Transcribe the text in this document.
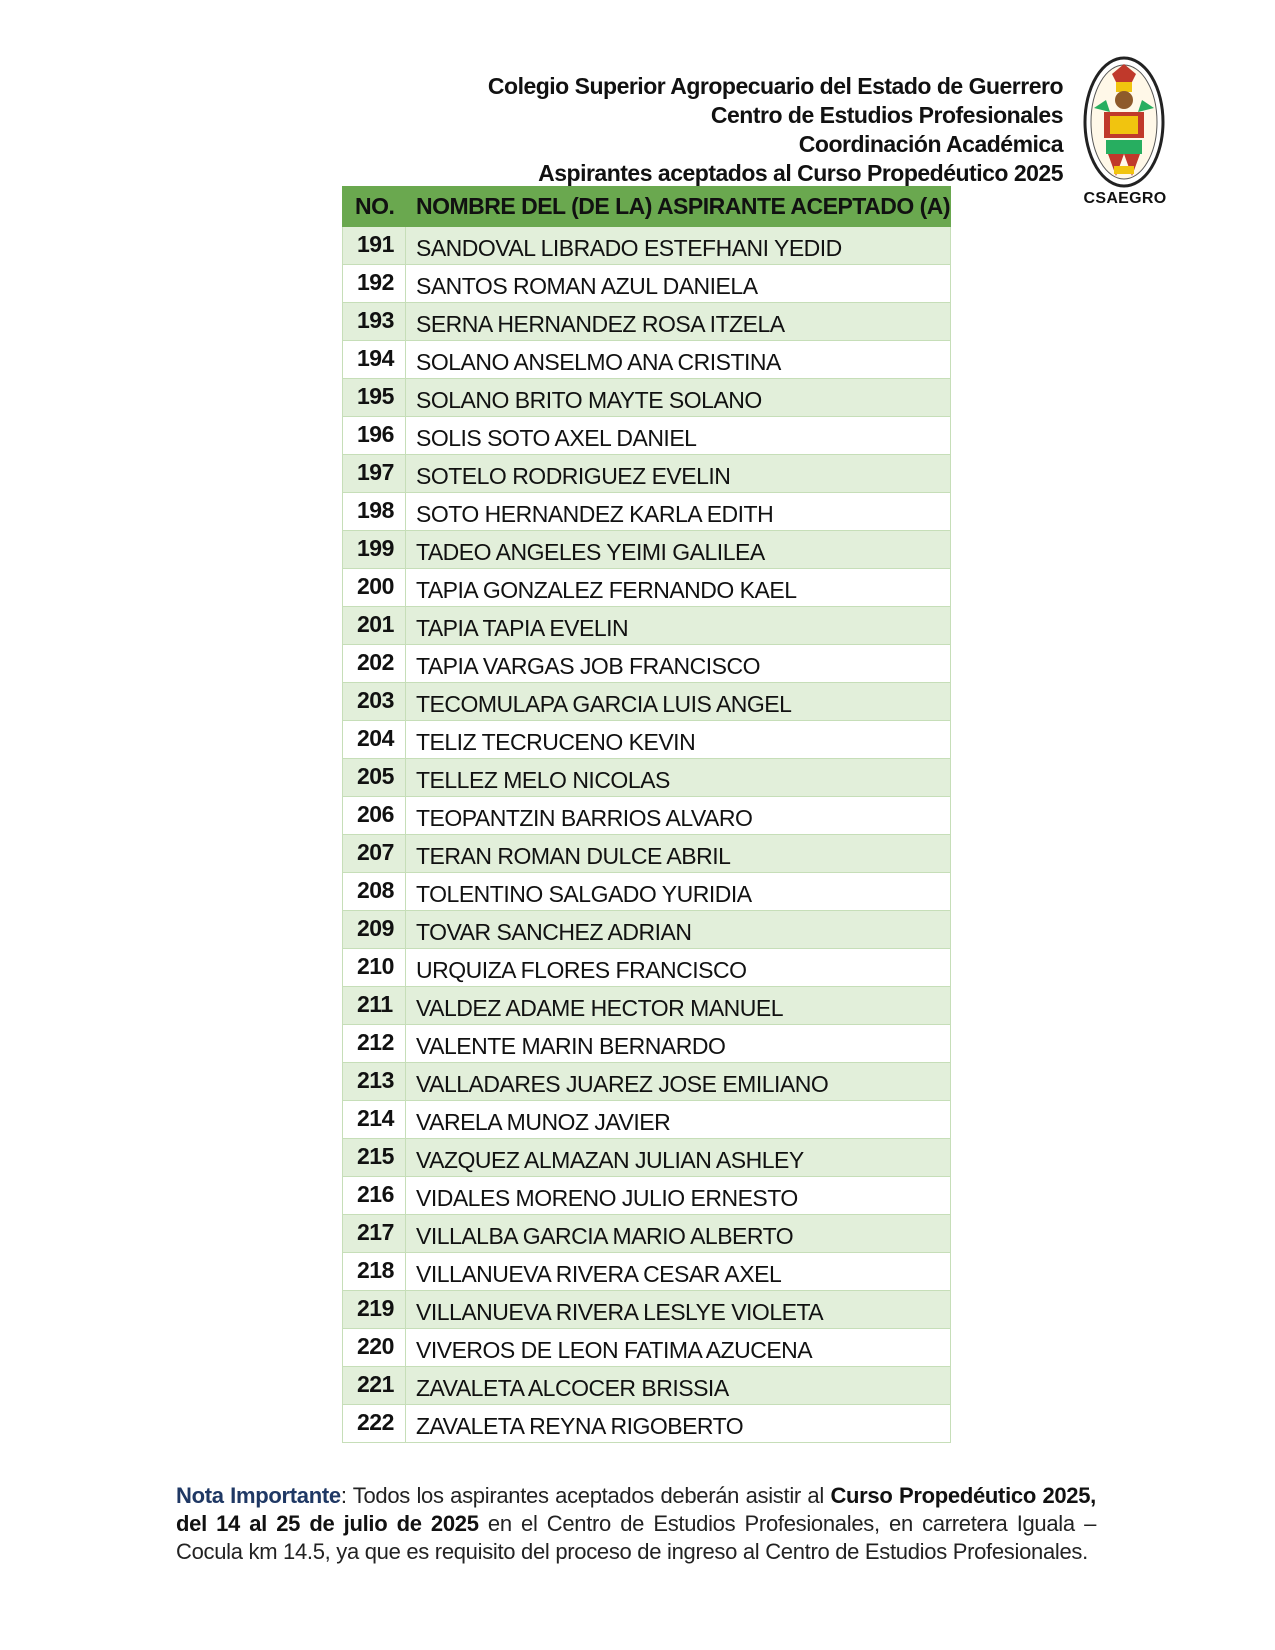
Colegio Superior Agropecuario del Estado de Guerrero
Centro de Estudios Profesionales
Coordinación Académica
Aspirantes aceptados al Curso Propedéutico 2025
CSAEGRO
NO.	NOMBRE DEL (DE LA) ASPIRANTE ACEPTADO (A)
191	SANDOVAL LIBRADO ESTEFHANI YEDID
192	SANTOS ROMAN AZUL DANIELA
193	SERNA HERNANDEZ ROSA ITZELA
194	SOLANO ANSELMO ANA CRISTINA
195	SOLANO BRITO MAYTE SOLANO
196	SOLIS SOTO AXEL DANIEL
197	SOTELO RODRIGUEZ EVELIN
198	SOTO HERNANDEZ KARLA EDITH
199	TADEO ANGELES YEIMI GALILEA
200	TAPIA GONZALEZ FERNANDO KAEL
201	TAPIA TAPIA EVELIN
202	TAPIA VARGAS JOB FRANCISCO
203	TECOMULAPA GARCIA LUIS ANGEL
204	TELIZ TECRUCENO KEVIN
205	TELLEZ MELO NICOLAS
206	TEOPANTZIN BARRIOS ALVARO
207	TERAN ROMAN DULCE ABRIL
208	TOLENTINO SALGADO YURIDIA
209	TOVAR SANCHEZ ADRIAN
210	URQUIZA FLORES FRANCISCO
211	VALDEZ ADAME HECTOR MANUEL
212	VALENTE MARIN BERNARDO
213	VALLADARES JUAREZ JOSE EMILIANO
214	VARELA MUNOZ JAVIER
215	VAZQUEZ ALMAZAN JULIAN ASHLEY
216	VIDALES MORENO JULIO ERNESTO
217	VILLALBA GARCIA MARIO ALBERTO
218	VILLANUEVA RIVERA CESAR AXEL
219	VILLANUEVA RIVERA LESLYE VIOLETA
220	VIVEROS DE LEON FATIMA AZUCENA
221	ZAVALETA ALCOCER BRISSIA
222	ZAVALETA REYNA RIGOBERTO
Nota Importante: Todos los aspirantes aceptados deberán asistir al Curso Propedéutico 2025, del 14 al 25 de julio de 2025 en el Centro de Estudios Profesionales, en carretera Iguala – Cocula km 14.5, ya que es requisito del proceso de ingreso al Centro de Estudios Profesionales.
